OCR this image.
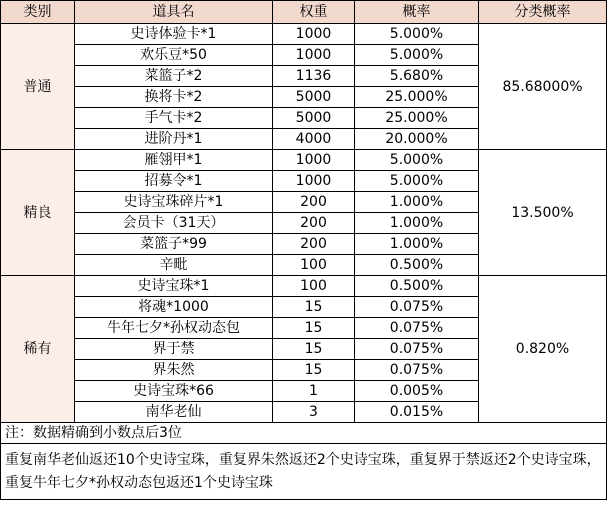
类别	道具名	权重	概率	分类概率
普通	史诗体验卡*1	1000	5.000%	85.68000%
	欢乐豆*50	1000	5.000%	
	菜篮子*2	1136	5.680%	
	换将卡*2	5000	25.000%	
	手气卡*2	5000	25.000%	
	进阶丹*1	4000	20.000%	
精良	雁翎甲*1	1000	5.000%	13.500%
	招募令*1	1000	5.000%	
	史诗宝珠碎片*1	200	1.000%	
	会员卡（31天）	200	1.000%	
	菜篮子*99	200	1.000%	
	辛毗	100	0.500%	
稀有	史诗宝珠*1	100	0.500%	0.820%
	将魂*1000	15	0.075%	
	牛年七夕*孙权动态包	15	0.075%	
	界于禁	15	0.075%	
	界朱然	15	0.075%	
	史诗宝珠*66	1	0.005%	
	南华老仙	3	0.015%	
注：数据精确到小数点后3位				
重复南华老仙返还10个史诗宝珠，重复界朱然返还2个史诗宝珠，重复界于禁返还2个史诗宝珠，重复牛年七夕*孙权动态包返还1个史诗宝珠				
